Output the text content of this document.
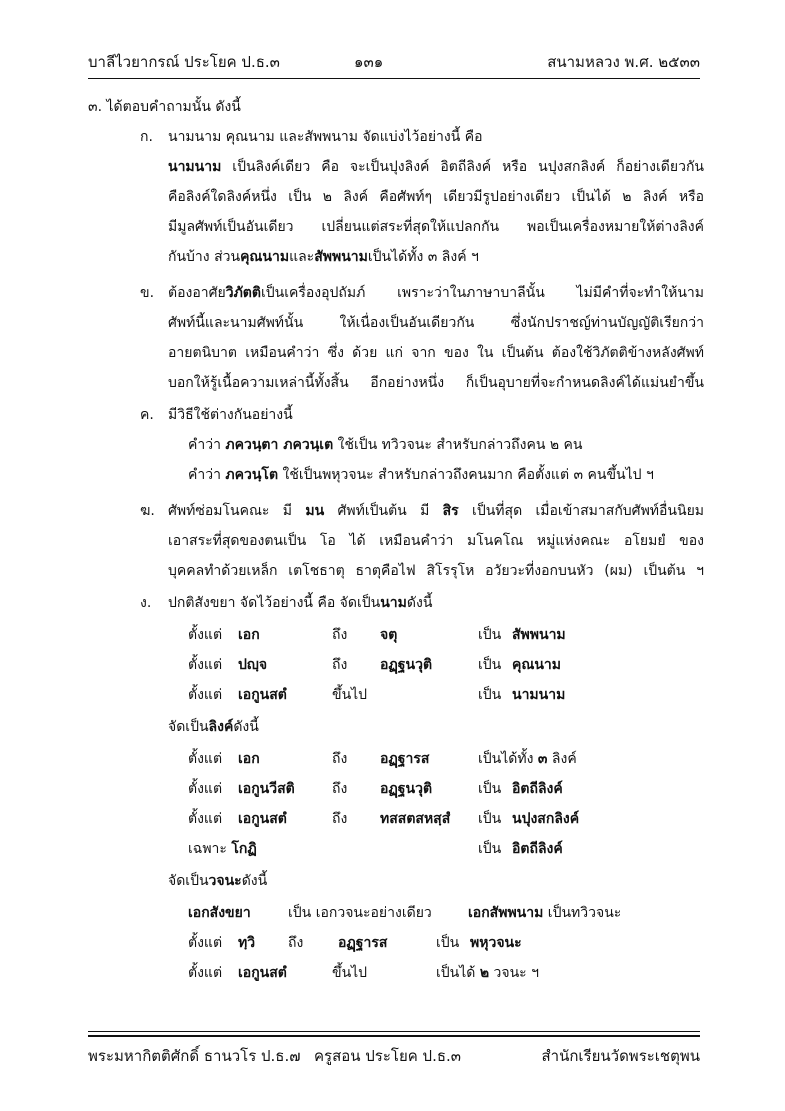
บาลีไวยากรณ์ ประโยค ป.ธ.๓	๑๓๑	สนามหลวง พ.ศ. ๒๕๓๓
๓. ได้ตอบคำถามนั้น ดังนี้
ก. นามนาม คุณนาม และสัพพนาม จัดแบ่งไว้อย่างนี้ คือ
นามนาม เป็นลิงค์เดียว คือ จะเป็นปุงลิงค์ อิตถีลิงค์ หรือ นปุงสกลิงค์ ก็อย่างเดียวกัน
คือลิงค์ใดลิงค์หนึ่ง เป็น ๒ ลิงค์ คือศัพท์ๆ เดียวมีรูปอย่างเดียว เป็นได้ ๒ ลิงค์ หรือ
มีมูลศัพท์เป็นอันเดียว เปลี่ยนแต่สระที่สุดให้แปลกกัน พอเป็นเครื่องหมายให้ต่างลิงค์
กันบ้าง ส่วนคุณนามและสัพพนามเป็นได้ทั้ง ๓ ลิงค์ ฯ
ข. ต้องอาศัยวิภัตติเป็นเครื่องอุปถัมภ์ เพราะว่าในภาษาบาลีนั้น ไม่มีคำที่จะทำให้นาม
ศัพท์นี้และนามศัพท์นั้น ให้เนื่องเป็นอันเดียวกัน ซึ่งนักปราชญ์ท่านบัญญัติเรียกว่า
อายตนิบาต เหมือนคำว่า ซึ่ง ด้วย แก่ จาก ของ ใน เป็นต้น ต้องใช้วิภัตติข้างหลังศัพท์
บอกให้รู้เนื้อความเหล่านี้ทั้งสิ้น อีกอย่างหนึ่ง ก็เป็นอุบายที่จะกำหนดลิงค์ได้แม่นยำขึ้น
ค. มีวิธีใช้ต่างกันอย่างนี้
คำว่า ภควนฺตา ภควนฺเต ใช้เป็น ทวิวจนะ สำหรับกล่าวถึงคน ๒ คน
คำว่า ภควนฺโต ใช้เป็นพหุวจนะ สำหรับกล่าวถึงคนมาก คือตั้งแต่ ๓ คนขึ้นไป ฯ
ฆ. ศัพท์ซ่อมโนคณะ มี มน ศัพท์เป็นต้น มี สิร เป็นที่สุด เมื่อเข้าสมาสกับศัพท์อื่นนิยม
เอาสระที่สุดของตนเป็น โอ ได้ เหมือนคำว่า มโนคโณ หมู่แห่งคณะ อโยมยํ ของ
บุคคลทำด้วยเหล็ก เตโชธาตุ ธาตุคือไฟ สิโรรุโห อวัยวะที่งอกบนหัว (ผม) เป็นต้น ฯ
ง. ปกติสังขยา จัดไว้อย่างนี้ คือ จัดเป็นนามดังนี้
ตั้งแต่ เอก	ถึง จตุ	เป็น สัพพนาม
ตั้งแต่ ปญฺจ	ถึง อฏฺฐนวุติ	เป็น คุณนาม
ตั้งแต่ เอกูนสตํ	ขึ้นไป	เป็น นามนาม
จัดเป็นลิงค์ดังนี้
ตั้งแต่ เอก	ถึง อฏฺฐารส	เป็นได้ทั้ง ๓ ลิงค์
ตั้งแต่ เอกูนวีสติ	ถึง อฏฺฐนวุติ	เป็น อิตถีลิงค์
ตั้งแต่ เอกูนสตํ	ถึง ทสสตสหสฺสํ เป็น นปุงสกลิงค์
เฉพาะ โกฏิ	เป็น อิตถีลิงค์
จัดเป็นวจนะดังนี้
เอกสังขยา	เป็น เอกวจนะอย่างเดียว	เอกสัพพนาม เป็นทวิวจนะ
ตั้งแต่ ทฺวิ ถึง อฏฺฐารส	เป็น พหุวจนะ
ตั้งแต่ เอกูนสตํ	ขึ้นไป	เป็นได้ ๒ วจนะ ฯ
พระมหากิตติศักดิ์ ธานวโร ป.ธ.๗ ครูสอน ประโยค ป.ธ.๓	สำนักเรียนวัดพระเชตุพน
